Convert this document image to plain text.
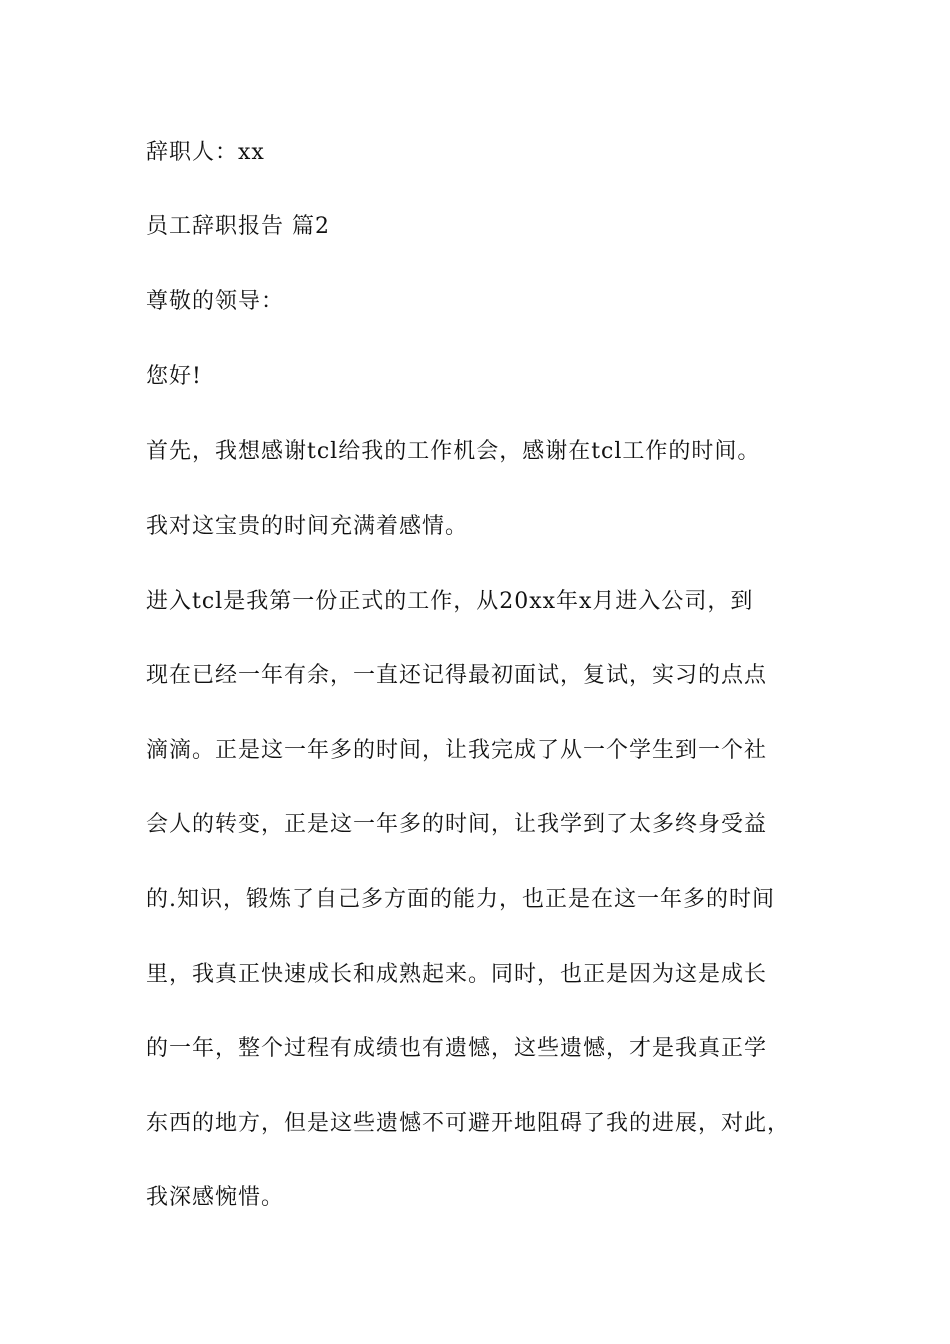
辞职人：xx
员工辞职报告 篇2
尊敬的领导：
您好!
首先，我想感谢tcl给我的工作机会，感谢在tcl工作的时间。
我对这宝贵的时间充满着感情。
进入tcl是我第一份正式的工作，从20xx年x月进入公司，到
现在已经一年有余，一直还记得最初面试，复试，实习的点点
滴滴。正是这一年多的时间，让我完成了从一个学生到一个社
会人的转变，正是这一年多的时间，让我学到了太多终身受益
的.知识，锻炼了自己多方面的能力，也正是在这一年多的时间
里，我真正快速成长和成熟起来。同时，也正是因为这是成长
的一年，整个过程有成绩也有遗憾，这些遗憾，才是我真正学
东西的地方，但是这些遗憾不可避开地阻碍了我的进展，对此，
我深感惋惜。
